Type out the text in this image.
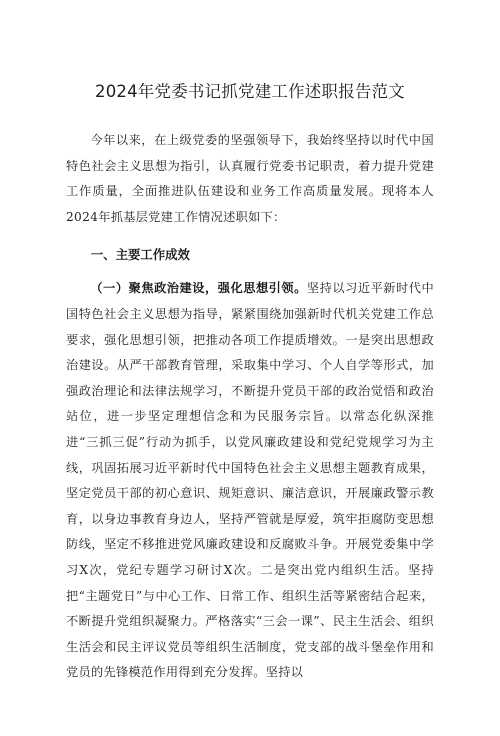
2024年党委书记抓党建工作述职报告范文

今年以来，在上级党委的坚强领导下，我始终坚持以时代中国特色社会主义思想为指引，认真履行党委书记职责，着力提升党建工作质量，全面推进队伍建设和业务工作高质量发展。现将本人2024年抓基层党建工作情况述职如下：

一、主要工作成效

（一）聚焦政治建设，强化思想引领。坚持以习近平新时代中国特色社会主义思想为指导，紧紧围绕加强新时代机关党建工作总要求，强化思想引领，把推动各项工作提质增效。一是突出思想政治建设。从严干部教育管理，采取集中学习、个人自学等形式，加强政治理论和法律法规学习，不断提升党员干部的政治觉悟和政治站位，进一步坚定理想信念和为民服务宗旨。以常态化纵深推进“三抓三促”行动为抓手，以党风廉政建设和党纪党规学习为主线，巩固拓展习近平新时代中国特色社会主义思想主题教育成果，坚定党员干部的初心意识、规矩意识、廉洁意识，开展廉政警示教育，以身边事教育身边人，坚持严管就是厚爱，筑牢拒腐防变思想防线，坚定不移推进党风廉政建设和反腐败斗争。开展党委集中学习X次，党纪专题学习研讨X次。二是突出党内组织生活。坚持把“主题党日”与中心工作、日常工作、组织生活等紧密结合起来，不断提升党组织凝聚力。严格落实“三会一课”、民主生活会、组织生活会和民主评议党员等组织生活制度，党支部的战斗堡垒作用和党员的先锋模范作用得到充分发挥。坚持以
